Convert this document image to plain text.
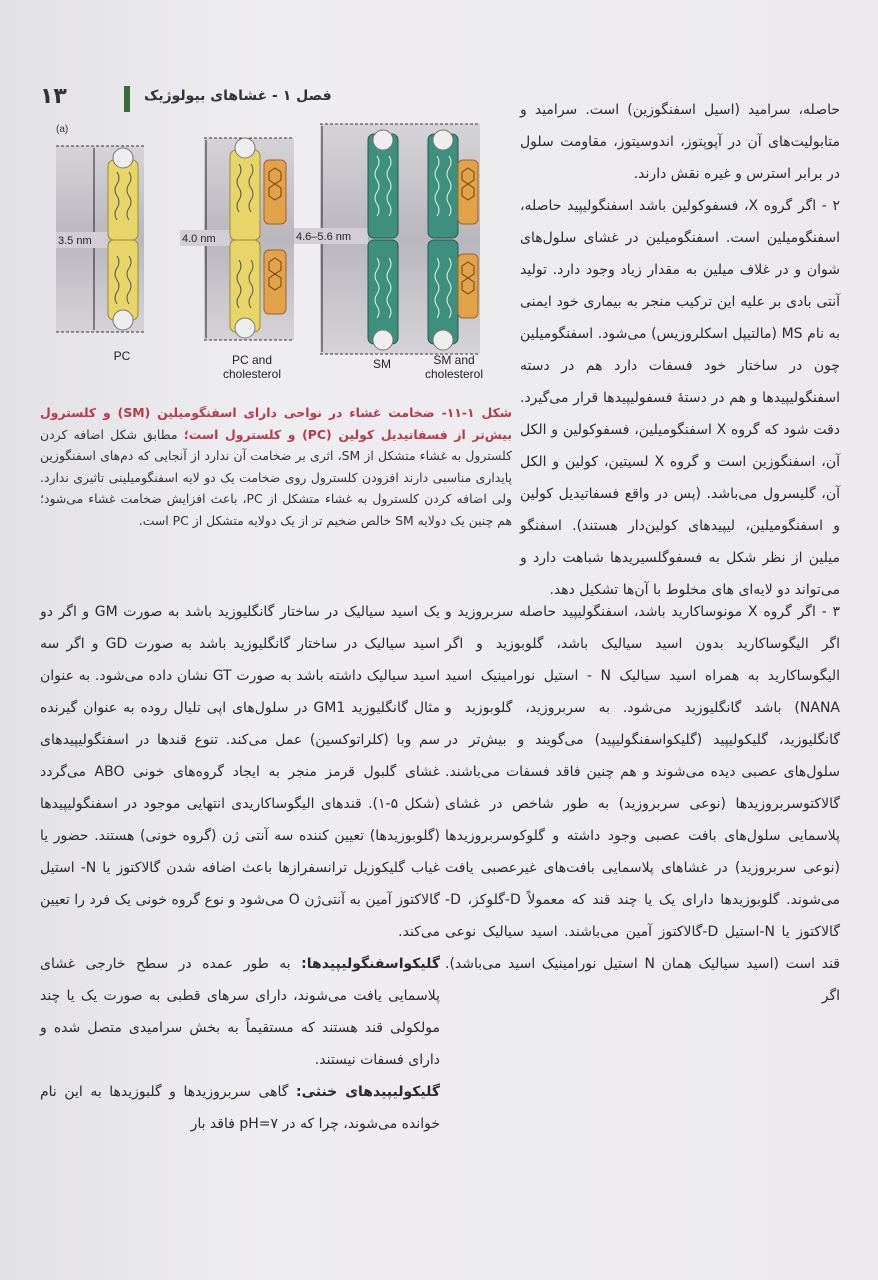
۱۳	فصل ۱ - غشاهای بیولوژیک
(a)
3.5 nm	4.0 nm	4.6–5.6 nm
PC	PC and
cholesterol
SM	SM and
cholesterol
شکل ۱-۱۱- ضخامت غشاء در نواحی دارای اسفنگومیلین (SM) و کلسترول بیش‌تر از فسفاتیدیل کولین (PC) و کلسترول است؛ مطابق شکل اضافه کردن کلسترول به غشاء متشکل از SM، اثری بر ضخامت آن ندارد از آنجایی که دم‌های اسفنگوزین پایداری مناسبی دارند افزودن کلسترول روی ضخامت یک دو لایه اسفنگومیلینی تاثیری ندارد. ولی اضافه کردن کلسترول به غشاء متشکل از PC، باعث افزایش ضخامت غشاء می‌شود؛ هم چنین یک دولایه SM خالص ضخیم تر از یک دولایه متشکل از PC است.

حاصله، سرامید (اسیل اسفنگوزین) است. سرامید و متابولیت‌های آن در آپوپتوز، اندوسیتوز، مقاومت سلول در برابر استرس و غیره نقش دارند.

۲ - اگر گروه X، فسفوکولین باشد اسفنگولیپید حاصله، اسفنگومیلین است. اسفنگومیلین در غشای سلول‌های شوان و در غلاف میلین به مقدار زیاد وجود دارد. تولید آنتی بادی بر علیه این ترکیب منجر به بیماری خود ایمنی به نام MS (مالتیپل اسکلروزیس) می‌شود. اسفنگومیلین چون در ساختار خود فسفات دارد هم در دسته اسفنگولیپیدها و هم در دستهٔ فسفولیپیدها قرار می‌گیرد. دقت شود که گروه X اسفنگومیلین، فسفوکولین و الکل آن، اسفنگوزین است و گروه X لسیتین، کولین و الکل آن، گلیسرول می‌باشد. (پس در واقع فسفاتیدیل کولین و اسفنگومیلین، لیپیدهای کولین‌دار هستند). اسفنگو میلین از نظر شکل به فسفوگلسیریدها شباهت دارد و می‌تواند دو لایه‌ای های مخلوط با آن‌ها تشکیل دهد.

۳ - اگر گروه X مونوساکارید باشد، اسفنگولیپید حاصله سربروزید و اگر الیگوساکارید بدون اسید سیالیک باشد، گلوبوزید و اگر الیگوساکارید به همراه اسید سیالیک N - استیل نورامینیک اسید NANA) باشد گانگلیوزید می‌شود. به سربروزید، گلوبوزید و گانگلیوزید، گلیکولیپید (گلیکواسفنگولیپید) می‌گویند و بیش‌تر در سلول‌های عصبی دیده می‌شوند و هم چنین فاقد فسفات می‌باشند. گالاکتوسربروزیدها (نوعی سربروزید) به طور شاخص در غشای پلاسمایی سلول‌های بافت عصبی وجود داشته و گلوکوسربروزیدها (نوعی سربروزید) در غشاهای پلاسمایی بافت‌های غیرعصبی یافت می‌شوند. گلوبوزیدها دارای یک یا چند قند که معمولاً D-گلوکز، D-گالاکتوز یا N-استیل D-گالاکتوز آمین می‌باشند. اسید سیالیک نوعی قند است (اسید سیالیک همان N استیل نورامینیک اسید می‌باشد). اگر

یک اسید سیالیک در ساختار گانگلیوزید باشد به صورت GM و اگر دو اسید سیالیک در ساختار گانگلیوزید باشد به صورت GD و اگر سه اسید سیالیک داشته باشد به صورت GT نشان داده می‌شود. به عنوان مثال گانگلیوزید GM1 در سلول‌های اپی تلیال روده به عنوان گیرنده سم وبا (کلراتوکسین) عمل می‌کند. تنوع قندها در اسفنگولیپیدهای غشای گلبول قرمز منجر به ایجاد گروه‌های خونی ABO می‌گردد (شکل ۵-۱). قندهای الیگوساکاریدی انتهایی موجود در اسفنگولیپیدها (گلوبوزیدها) تعیین کننده سه آنتی ژن (گروه خونی) هستند. حضور یا غیاب گلیکوزیل ترانسفرازها باعث اضافه شدن گالاکتوز یا N- استیل گالاکتوز آمین به آنتی‌ژن O می‌شود و نوع گروه خونی یک فرد را تعیین می‌کند.

گلیکواسفنگولیپیدها: به طور عمده در سطح خارجی غشای پلاسمایی یافت می‌شوند، دارای سرهای قطبی به صورت یک یا چند مولکولی قند هستند که مستقیماً به بخش سرامیدی متصل شده و دارای فسفات نیستند.

گلیکولیپیدهای خنثی: گاهی سربروزیدها و گلبوزیدها به این نام خوانده می‌شوند، چرا که در pH=۷ فاقد بار
